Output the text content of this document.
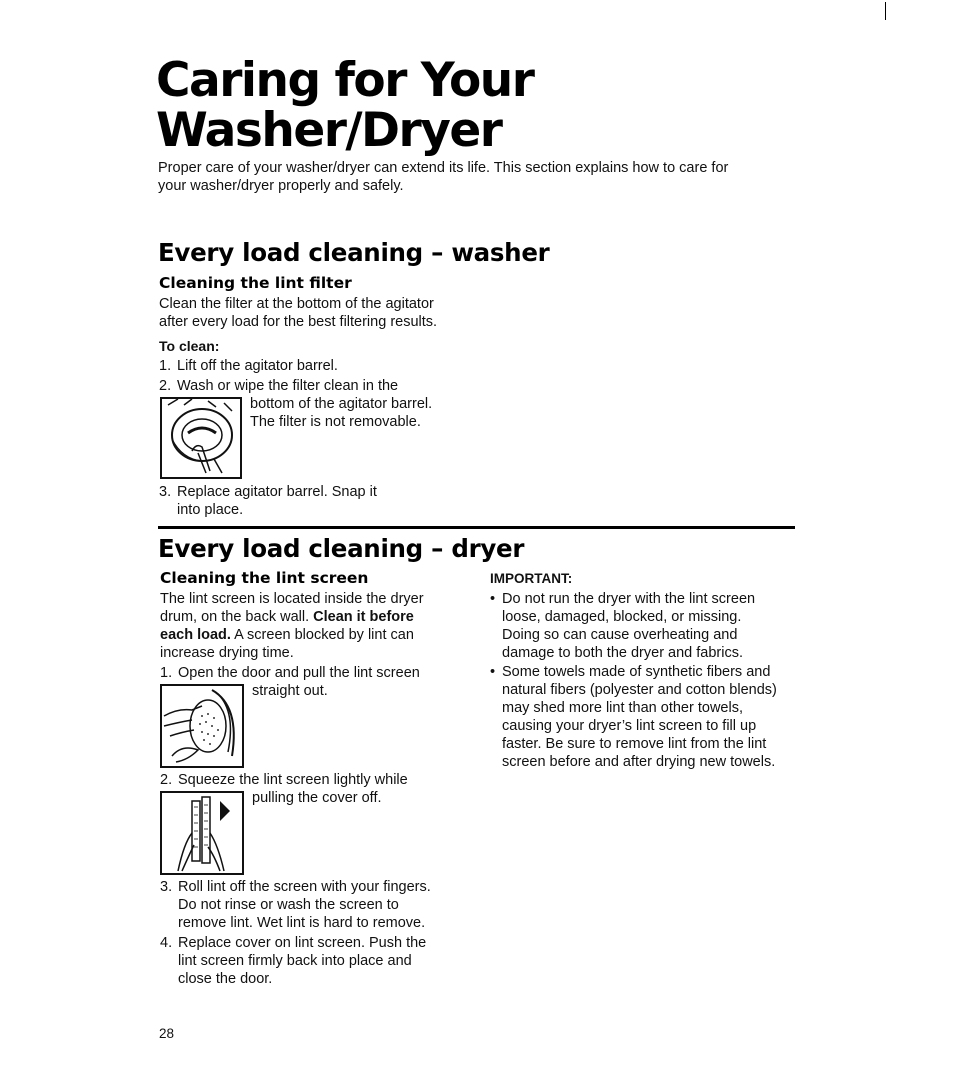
Caring for Your
Washer/Dryer

Proper care of your washer/dryer can extend its life. This section explains how to care for
your washer/dryer properly and safely.

Every load cleaning – washer
Cleaning the lint filter

Clean the filter at the bottom of the agitator
after every load for the best filtering results.

To clean:

1. Lift off the agitator barrel.
2. Wash or wipe the filter clean in the
bottom of the agitator barrel.
The filter is not removable.
3. Replace agitator barrel. Snap it
into place.
Every load cleaning – dryer
Cleaning the lint screen

The lint screen is located inside the dryer
drum, on the back wall. Clean it before
each load. A screen blocked by lint can
increase drying time.

1. Open the door and pull the lint screen
straight out.
2. Squeeze the lint screen lightly while
pulling the cover off.
3. Roll lint off the screen with your fingers.
Do not rinse or wash the screen to
remove lint. Wet lint is hard to remove.
4. Replace cover on lint screen. Push the
lint screen firmly back into place and
close the door.

IMPORTANT:

• Do not run the dryer with the lint screen
loose, damaged, blocked, or missing.
Doing so can cause overheating and
damage to both the dryer and fabrics.
• Some towels made of synthetic fibers and
natural fibers (polyester and cotton blends)
may shed more lint than other towels,
causing your dryer’s lint screen to fill up
faster. Be sure to remove lint from the lint
screen before and after drying new towels.
28
